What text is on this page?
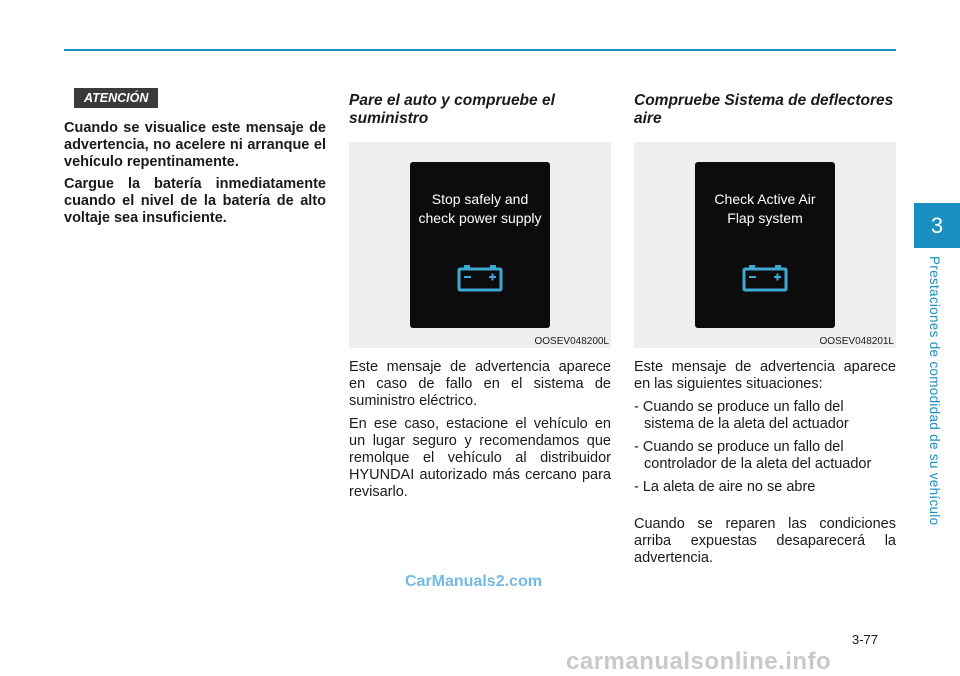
3
Prestaciones de comodidad de su vehículo
ATENCIÓN

Cuando se visualice este mensaje de advertencia, no acelere ni arranque el vehículo repentinamente.

Cargue la batería inmediatamente cuando el nivel de la batería de alto voltaje sea insuficiente.

Pare el auto y compruebe el suministro
Stop safely and check power supply
OOSEV048200L

Este mensaje de advertencia aparece en caso de fallo en el sistema de suministro eléctrico.

En ese caso, estacione el vehículo en un lugar seguro y recomendamos que remolque el vehículo al distribuidor HYUNDAI autorizado más cercano para revisarlo.

Compruebe Sistema de deflectores aire
Check Active Air Flap system
OOSEV048201L

Este mensaje de advertencia aparece en las siguientes situaciones:

- Cuando se produce un fallo del sistema de la aleta del actuador
- Cuando se produce un fallo del controlador de la aleta del actuador
- La aleta de aire no se abre

Cuando se reparen las condiciones arriba expuestas desaparecerá la advertencia.

3-77
CarManuals2.com
carmanualsonline.info
